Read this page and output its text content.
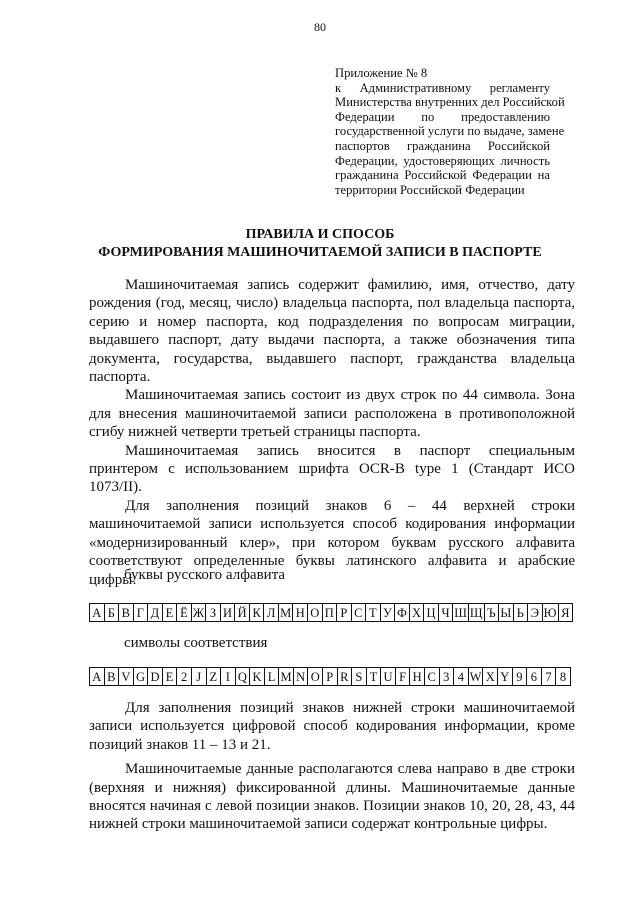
80
Приложение № 8
к Административному регламенту
Министерства внутренних дел Российской
Федерации по предоставлению
государственной услуги по выдаче, замене
паспортов гражданина Российской
Федерации, удостоверяющих личность
гражданина Российской Федерации на
территории Российской Федерации
ПРАВИЛА И СПОСОБ
ФОРМИРОВАНИЯ МАШИНОЧИТАЕМОЙ ЗАПИСИ В ПАСПОРТЕ
Машиночитаемая запись содержит фамилию, имя, отчество, дату
рождения (год, месяц, число) владельца паспорта, пол владельца паспорта,
серию и номер паспорта, код подразделения по вопросам миграции,
выдавшего паспорт, дату выдачи паспорта, а также обозначения типа
документа, государства, выдавшего паспорт, гражданства владельца
паспорта.
Машиночитаемая запись состоит из двух строк по 44 символа. Зона
для внесения машиночитаемой записи расположена в противоположной
сгибу нижней четверти третьей страницы паспорта.
Машиночитаемая запись вносится в паспорт специальным
принтером с использованием шрифта OCR-B type 1 (Стандарт ИСО
1073/II).
Для заполнения позиций знаков 6 – 44 верхней строки
машиночитаемой записи используется способ кодирования информации
«модернизированный клер», при котором буквам русского алфавита
соответствуют определенные буквы латинского алфавита и арабские
цифры:
буквы русского алфавита
А Б В Г Д Е Ё Ж З И Й К Л М Н О П Р С Т У Ф Х Ц Ч Ш Щ Ъ Ы Ь Э Ю Я
символы соответствия
A B V G D E 2 J Z I Q K L M N O P R S T U F H C 3 4 W X Y 9 6 7 8
Для заполнения позиций знаков нижней строки машиночитаемой
записи используется цифровой способ кодирования информации, кроме
позиций знаков 11 – 13 и 21.
Машиночитаемые данные располагаются слева направо в две строки
(верхняя и нижняя) фиксированной длины. Машиночитаемые данные
вносятся начиная с левой позиции знаков. Позиции знаков 10, 20, 28, 43, 44
нижней строки машиночитаемой записи содержат контрольные цифры.
